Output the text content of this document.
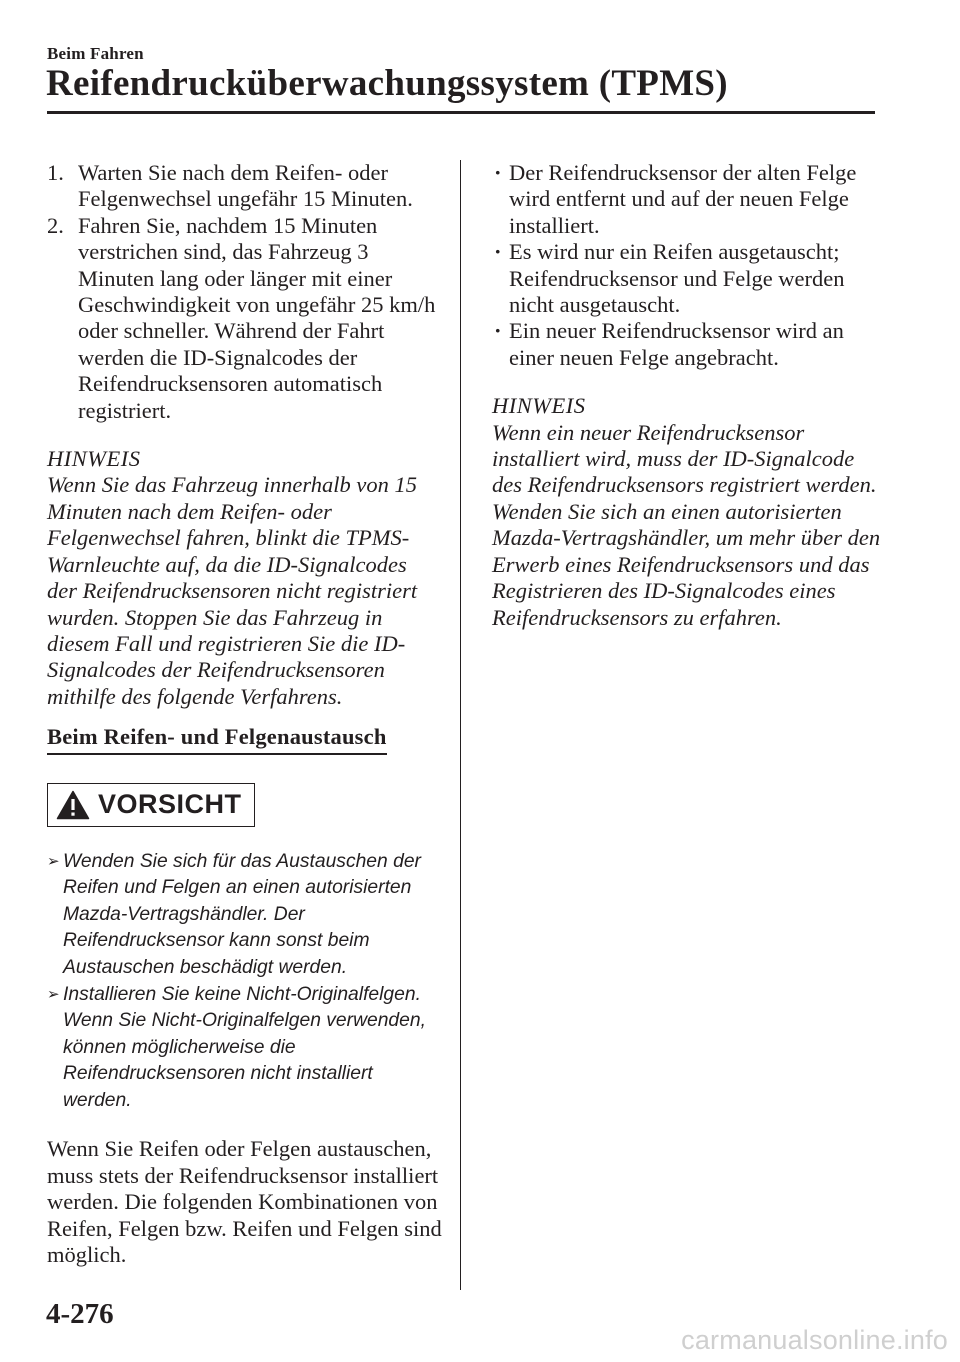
Beim Fahren
Reifendrucküberwachungssystem (TPMS)
1. Warten Sie nach dem Reifen- oder Felgenwechsel ungefähr 15 Minuten.
2. Fahren Sie, nachdem 15 Minuten verstrichen sind, das Fahrzeug 3 Minuten lang oder länger mit einer Geschwindigkeit von ungefähr 25 km/h oder schneller. Während der Fahrt werden die ID-Signalcodes der Reifendrucksensoren automatisch registriert.
HINWEIS
Wenn Sie das Fahrzeug innerhalb von 15 Minuten nach dem Reifen- oder Felgenwechsel fahren, blinkt die TPMS-Warnleuchte auf, da die ID-Signalcodes der Reifendrucksensoren nicht registriert wurden. Stoppen Sie das Fahrzeug in diesem Fall und registrieren Sie die ID-Signalcodes der Reifendrucksensoren mithilfe des folgende Verfahrens.
Beim Reifen- und Felgenaustausch
VORSICHT
➢ Wenden Sie sich für das Austauschen der Reifen und Felgen an einen autorisierten Mazda-Vertragshändler. Der Reifendrucksensor kann sonst beim Austauschen beschädigt werden.
➢ Installieren Sie keine Nicht-Originalfelgen. Wenn Sie Nicht-Originalfelgen verwenden, können möglicherweise die Reifendrucksensoren nicht installiert werden.
Wenn Sie Reifen oder Felgen austauschen, muss stets der Reifendrucksensor installiert werden. Die folgenden Kombinationen von Reifen, Felgen bzw. Reifen und Felgen sind möglich.
· Der Reifendrucksensor der alten Felge wird entfernt und auf der neuen Felge installiert.
· Es wird nur ein Reifen ausgetauscht; Reifendrucksensor und Felge werden nicht ausgetauscht.
· Ein neuer Reifendrucksensor wird an einer neuen Felge angebracht.
HINWEIS
Wenn ein neuer Reifendrucksensor installiert wird, muss der ID-Signalcode des Reifendrucksensors registriert werden. Wenden Sie sich an einen autorisierten Mazda-Vertragshändler, um mehr über den Erwerb eines Reifendrucksensors und das Registrieren des ID-Signalcodes eines Reifendrucksensors zu erfahren.
4-276
carmanualsonline.info
